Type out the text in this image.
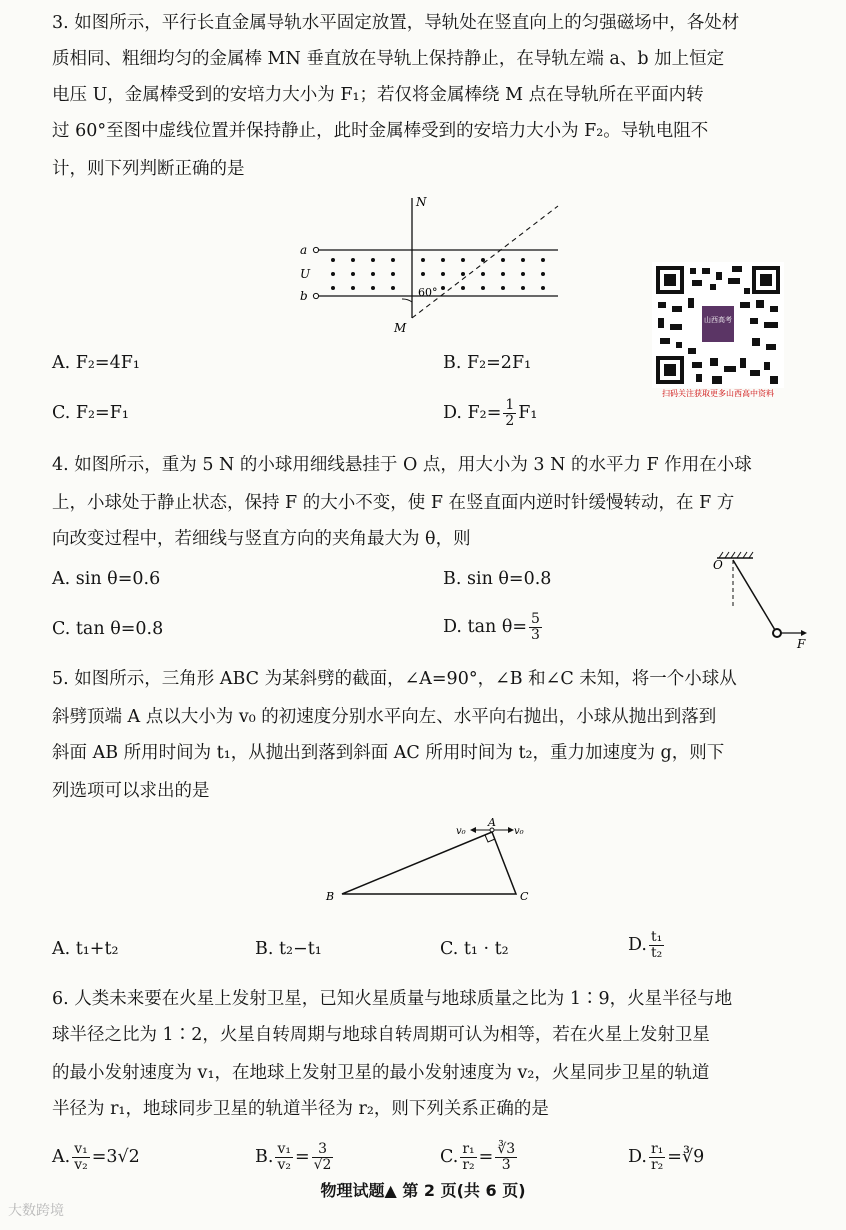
3. 如图所示，平行长直金属导轨水平固定放置，导轨处在竖直向上的匀强磁场中，各处材
质相同、粗细均匀的金属棒 MN 垂直放在导轨上保持静止，在导轨左端 a、b 加上恒定
电压 U，金属棒受到的安培力大小为 F₁；若仅将金属棒绕 M 点在导轨所在平面内转
过 60°至图中虚线位置并保持静止，此时金属棒受到的安培力大小为 F₂。导轨电阻不
计，则下列判断正确的是
N
a
U
b
M
60°
A. F₂=4F₁	B. F₂=2F₁
C. F₂=F₁	D. $F_2= \frac{1}{2} F_1$
山西高考
扫码关注获取更多山西高中资料
4. 如图所示，重为 5 N 的小球用细线悬挂于 O 点，用大小为 3 N 的水平力 F 作用在小球
上，小球处于静止状态，保持 F 的大小不变，使 F 在竖直面内逆时针缓慢转动，在 F 方
向改变过程中，若细线与竖直方向的夹角最大为 θ，则
O
F
A. sin θ=0.6	B. sin θ=0.8
C. tan θ=0.8	D. $\tan \theta= \frac{5}{3}$
5. 如图所示，三角形 ABC 为某斜劈的截面，∠A=90°，∠B 和∠C 未知，将一个小球从
斜劈顶端 A 点以大小为 v₀ 的初速度分别水平向左、水平向右抛出，小球从抛出到落到
斜面 AB 所用时间为 t₁，从抛出到落到斜面 AC 所用时间为 t₂，重力加速度为 g，则下
列选项可以求出的是
A
B	C
v₀	v₀
A. t₁+t₂	B. t₂−t₁	C. t₁ · t₂	D. $\frac{\text{t₁}}{\text{t₂}}$
6. 人类未来要在火星上发射卫星，已知火星质量与地球质量之比为 1∶9，火星半径与地
球半径之比为 1∶2，火星自转周期与地球自转周期可认为相等，若在火星上发射卫星
的最小发射速度为 v₁，在地球上发射卫星的最小发射速度为 v₂，火星同步卫星的轨道
半径为 r₁，地球同步卫星的轨道半径为 r₂，则下列关系正确的是
A. $\frac{\text{v₁}}{\text{v₂}} =3√2$	B. $\frac{\text{v₁}}{\text{v₂}} = \frac{3}{√2}$	C. $\frac{\text{r₁}}{\text{r₂}} = \frac{∛3}{3}$	D. $\frac{\text{r₁}}{\text{r₂}}$ =∛9
物理试题▲ 第 2 页(共 6 页)
大数跨境
